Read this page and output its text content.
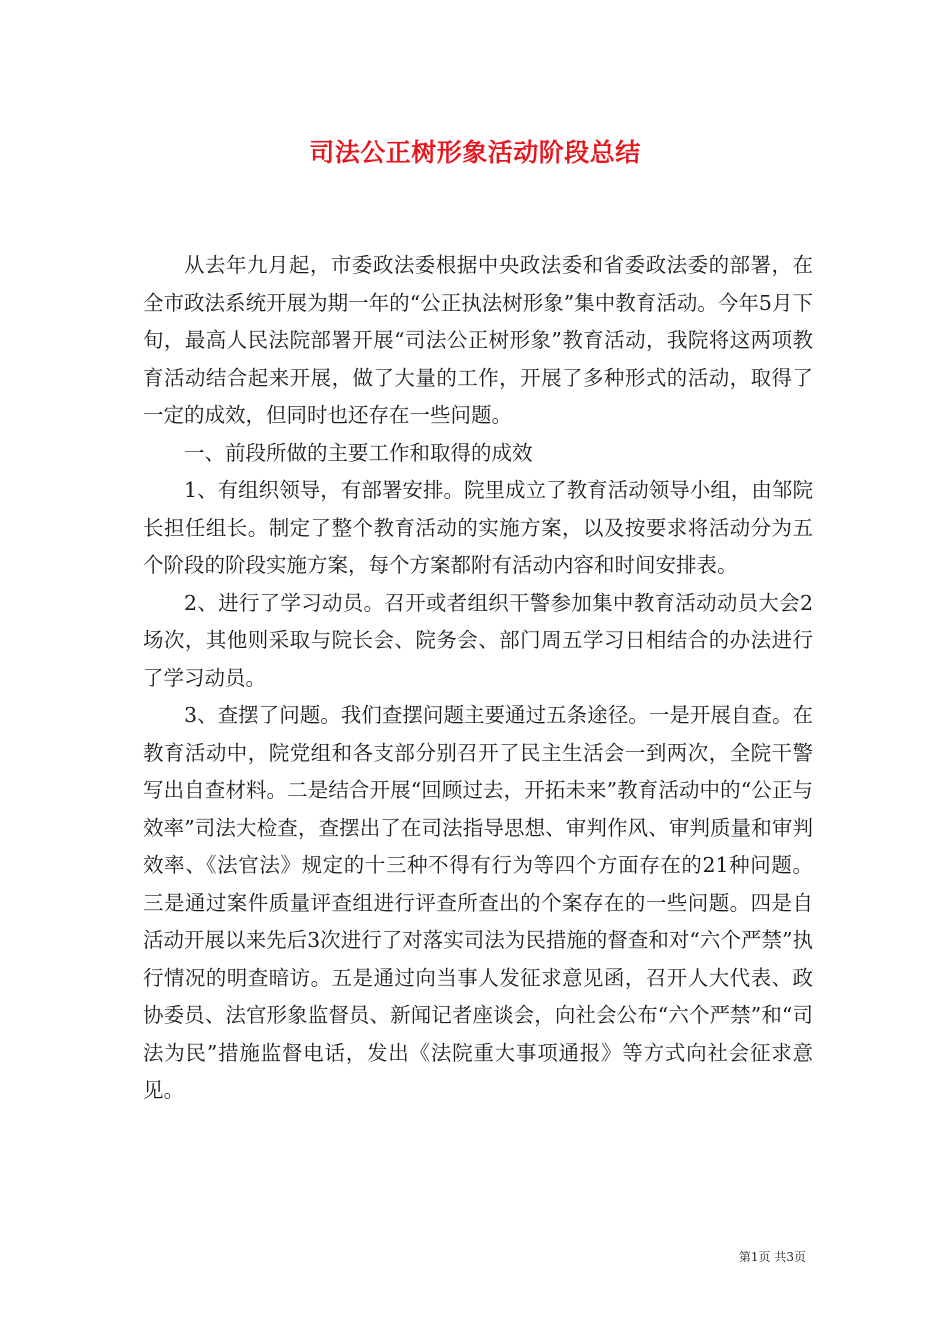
司法公正树形象活动阶段总结

从去年九月起，市委政法委根据中央政法委和省委政法委的部署，在全市政法系统开展为期一年的“公正执法树形象”集中教育活动。今年5月下旬，最高人民法院部署开展“司法公正树形象”教育活动，我院将这两项教育活动结合起来开展，做了大量的工作，开展了多种形式的活动，取得了一定的成效，但同时也还存在一些问题。

一、前段所做的主要工作和取得的成效

1、有组织领导，有部署安排。院里成立了教育活动领导小组，由邹院长担任组长。制定了整个教育活动的实施方案，以及按要求将活动分为五个阶段的阶段实施方案，每个方案都附有活动内容和时间安排表。

2、进行了学习动员。召开或者组织干警参加集中教育活动动员大会2场次，其他则采取与院长会、院务会、部门周五学习日相结合的办法进行了学习动员。

3、查摆了问题。我们查摆问题主要通过五条途径。一是开展自查。在教育活动中，院党组和各支部分别召开了民主生活会一到两次，全院干警写出自查材料。二是结合开展“回顾过去，开拓未来”教育活动中的“公正与效率”司法大检查，查摆出了在司法指导思想、审判作风、审判质量和审判效率、《法官法》规定的十三种不得有行为等四个方面存在的21种问题。三是通过案件质量评查组进行评查所查出的个案存在的一些问题。四是自活动开展以来先后3次进行了对落实司法为民措施的督查和对“六个严禁”执行情况的明查暗访。五是通过向当事人发征求意见函，召开人大代表、政协委员、法官形象监督员、新闻记者座谈会，向社会公布“六个严禁”和“司法为民”措施监督电话，发出《法院重大事项通报》等方式向社会征求意见。

第1页 共3页
